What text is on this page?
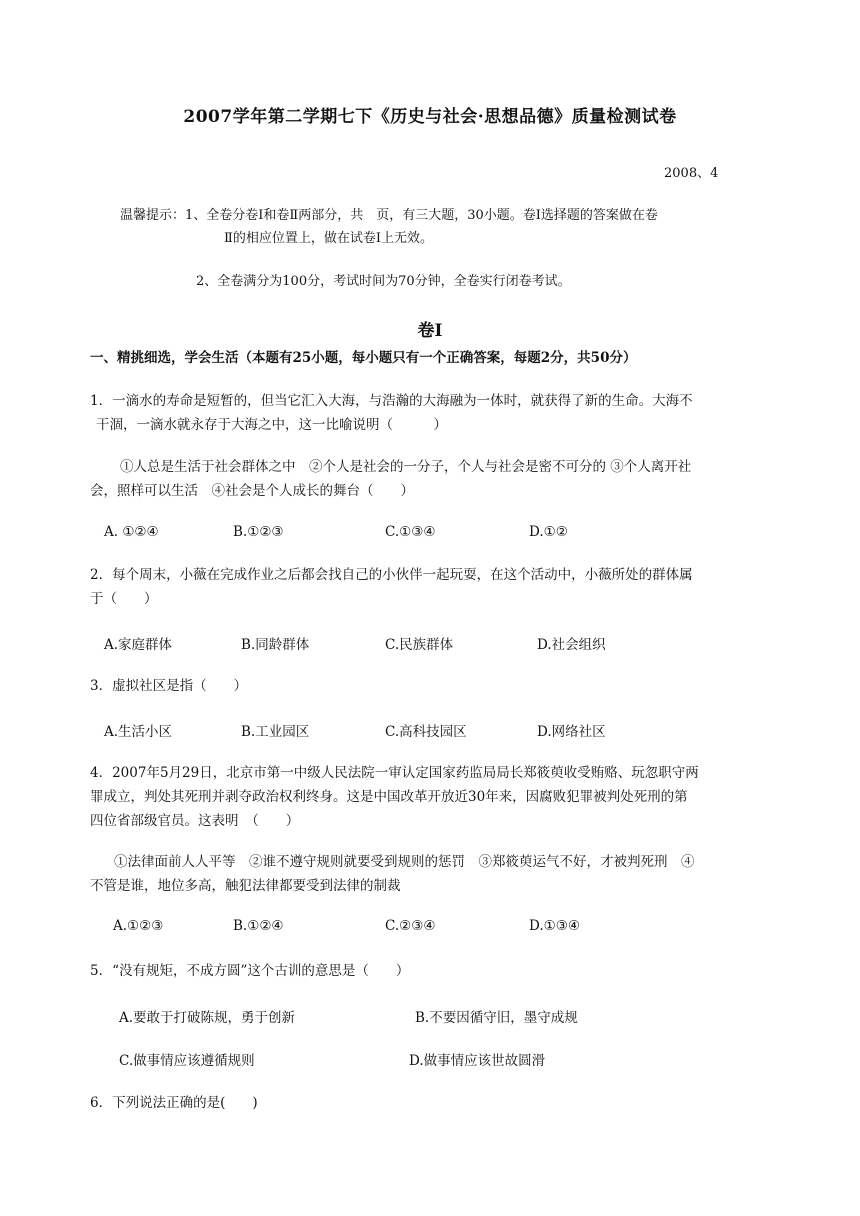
2007学年第二学期七下《历史与社会·思想品德》质量检测试卷
2008、4
温馨提示：1、全卷分卷Ⅰ和卷Ⅱ两部分，共　页，有三大题，30小题。卷Ⅰ选择题的答案做在卷
Ⅱ的相应位置上，做在试卷Ⅰ上无效。
2、全卷满分为100分，考试时间为70分钟，全卷实行闭卷考试。
卷Ⅰ
一、精挑细选，学会生活（本题有25小题，每小题只有一个正确答案，每题2分，共50分）
1．一滴水的寿命是短暂的，但当它汇入大海，与浩瀚的大海融为一体时，就获得了新的生命。大海不
干涸，一滴水就永存于大海之中，这一比喻说明（　　　）
①人总是生活于社会群体之中　②个人是社会的一分子，个人与社会是密不可分的 ③个人离开社
会，照样可以生活　④社会是个人成长的舞台（　　）
A. ①②④	B.①②③	C.①③④	D.①②
2．每个周末，小薇在完成作业之后都会找自己的小伙伴一起玩耍，在这个活动中，小薇所处的群体属
于（　　）
A.家庭群体	B.同龄群体	C.民族群体	D.社会组织
3．虚拟社区是指（　　）
A.生活小区	B.工业园区	C.高科技园区	D.网络社区
4．2007年5月29日，北京市第一中级人民法院一审认定国家药监局局长郑筱萸收受贿赂、玩忽职守两
罪成立，判处其死刑并剥夺政治权利终身。这是中国改革开放近30年来，因腐败犯罪被判处死刑的第
四位省部级官员。这表明　（　　）
①法律面前人人平等　②谁不遵守规则就要受到规则的惩罚　③郑筱萸运气不好，才被判死刑　④
不管是谁，地位多高，触犯法律都要受到法律的制裁
A.①②③	B.①②④	C.②③④	D.①③④
5．“没有规矩，不成方圆”这个古训的意思是（　　）
A.要敢于打破陈规，勇于创新	B.不要因循守旧，墨守成规
C.做事情应该遵循规则	D.做事情应该世故圆滑
6．下列说法正确的是(　　)
